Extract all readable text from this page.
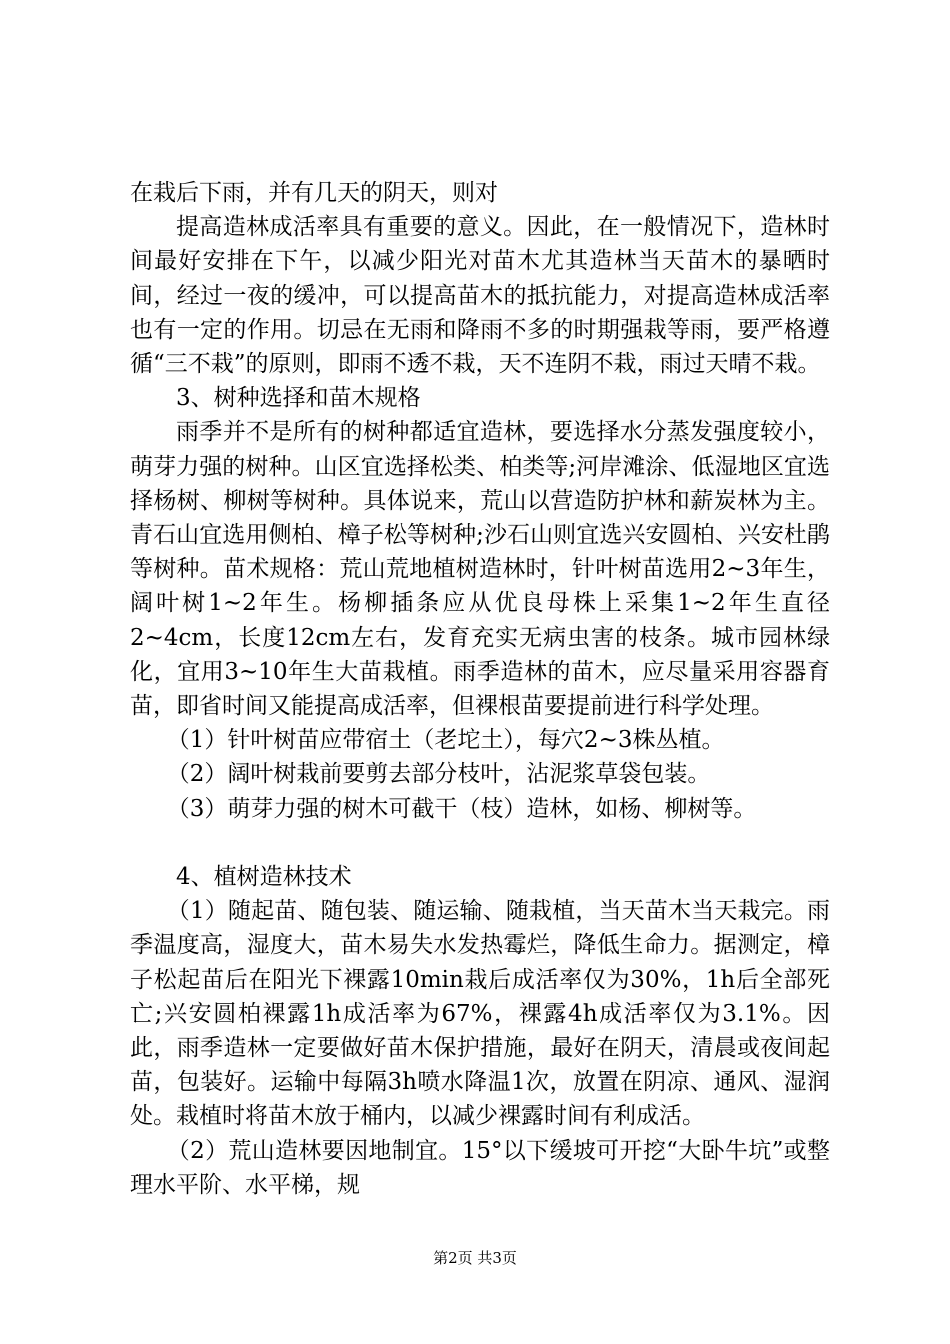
在栽后下雨，并有几天的阴天，则对

提高造林成活率具有重要的意义。因此，在一般情况下，造林时间最好安排在下午，以减少阳光对苗木尤其造林当天苗木的暴晒时间，经过一夜的缓冲，可以提高苗木的抵抗能力，对提高造林成活率也有一定的作用。切忌在无雨和降雨不多的时期强栽等雨，要严格遵循“三不栽”的原则，即雨不透不栽，天不连阴不栽，雨过天晴不栽。

3、树种选择和苗木规格

雨季并不是所有的树种都适宜造林，要选择水分蒸发强度较小，萌芽力强的树种。山区宜选择松类、柏类等;河岸滩涂、低湿地区宜选择杨树、柳树等树种。具体说来，荒山以营造防护林和薪炭林为主。青石山宜选用侧柏、樟子松等树种;沙石山则宜选兴安圆柏、兴安杜鹃等树种。苗术规格：荒山荒地植树造林时，针叶树苗选用2~3年生，阔叶树1~2年生。杨柳插条应从优良母株上采集1~2年生直径2~4cm，长度12cm左右，发育充实无病虫害的枝条。城市园林绿化，宜用3~10年生大苗栽植。雨季造林的苗木，应尽量采用容器育苗，即省时间又能提高成活率，但裸根苗要提前进行科学处理。

（1）针叶树苗应带宿土（老坨土），每穴2~3株丛植。

（2）阔叶树栽前要剪去部分枝叶，沾泥浆草袋包装。

（3）萌芽力强的树木可截干（枝）造林，如杨、柳树等。

4、植树造林技术

（1）随起苗、随包装、随运输、随栽植，当天苗木当天栽完。雨季温度高，湿度大，苗木易失水发热霉烂，降低生命力。据测定，樟子松起苗后在阳光下裸露10min栽后成活率仅为30%，1h后全部死亡;兴安圆柏裸露1h成活率为67%，裸露4h成活率仅为3.1%。因此，雨季造林一定要做好苗木保护措施，最好在阴天，清晨或夜间起苗，包装好。运输中每隔3h喷水降温1次，放置在阴凉、通风、湿润处。栽植时将苗木放于桶内，以减少裸露时间有利成活。

（2）荒山造林要因地制宜。15°以下缓坡可开挖“大卧牛坑”或整理水平阶、水平梯，规

第2页 共3页
